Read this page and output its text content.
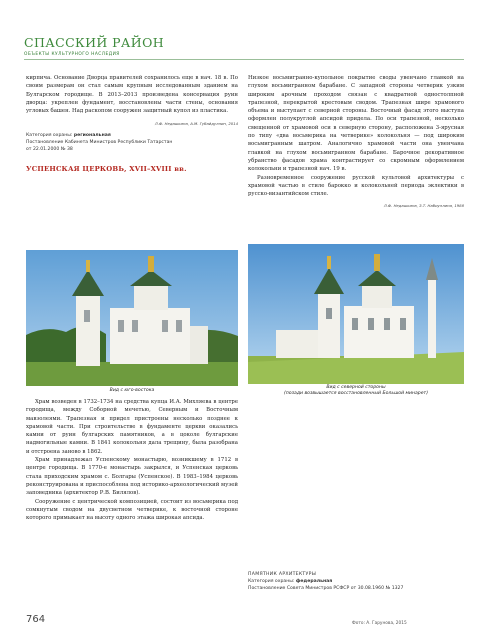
СПАССКИЙ РАЙОН
ОБЪЕКТЫ КУЛЬТУРНОГО НАСЛЕДИЯ

кирпича. Основание Дворца правителей сохранилось еще в нач. 18 в. По своим размерам он стал самым крупным исследованным зданием на Булгарском городище. В 2013–2013 произведена консервация руин дворца: укреплен фундамент, восстановлены части стены, основания угловых башен. Над раскопом сооружен защитный купол из пластика.

Л.Ф. Недашкина, А.М. Губайдуллин, 2014
Категория охраны: региональная
Постановление Кабинета Министров Республики Татарстан
от 22.01.2000 № 38
УСПЕНСКАЯ ЦЕРКОВЬ, XVII–XVIII вв.
Вид с юго-востока

Храм возведен в 1732–1734 на средства купца И.А. Михляева в центре городища, между Соборной мечетью, Северным и Восточным мавзолеями. Трапезная и придел пристроены несколько позднее к храмовой части. При строительстве в фундаменте церкви оказались камни от руин булгарских памятников, а в цоколе булгарские надмогильные камни. В 1841 колокольня дала трещину, была разобрана и отстроена заново в 1862.

Храм принадлежал Успенскому монастырю, возникшему в 1712 в центре городища. В 1770-е монастырь закрылся, и Успенская церковь стала приходским храмом с. Болгары (Успенское). В 1983–1984 церковь реконструирована и приспособлена под историко-археологический музей заповедника (архитектор Р.В. Билялов).

Сооружение с центрической композицией, состоит из восьмерика под сомкнутым сводом на двусветном четверике, к восточной стороне которого примыкает на высоту одного этажа широкая апсида.

Низкое восьмигранно-купольное покрытие своды увенчано главкой на глухом восьмигранном барабане. С западной стороны четверик узким широким арочным проходом связан с квадратной одностолпной трапезной, перекрытой крестовым сводом. Трапезная шире храмового объема и выступает с северной стороны. Восточный фасад этого выступа оформлен полукруглой апсидой придела. По оси трапезной, несколько смещенной от храмовой оси в северную сторону, расположена 3-ярусная по типу «два восьмерика на четверике» колокольня — под широким восьмигранным шатром. Аналогично храмовой части она увенчана главкой на глухом восьмигранном барабане. Барочное декоративное убранство фасадов храма контрастирует со скромным оформлением колокольни и трапезной нач. 19 в.

Разновременное сооружение русской культовой архитектуры с храмовой частью в стиле барокко и колокольней периода эклектики в русско-византийском стиле.

Л.Ф. Недашкина, З.Т. Набиуллина, 1988
Вид с северной стороны
(позади возвышается восстановленный Большой минарет)
ПАМЯТНИК АРХИТЕКТУРЫ
Категория охраны: федеральная
Постановление Совета Министров РСФСР от 30.08.1960 № 1327
764	Фото: А. Гарунова, 2015
